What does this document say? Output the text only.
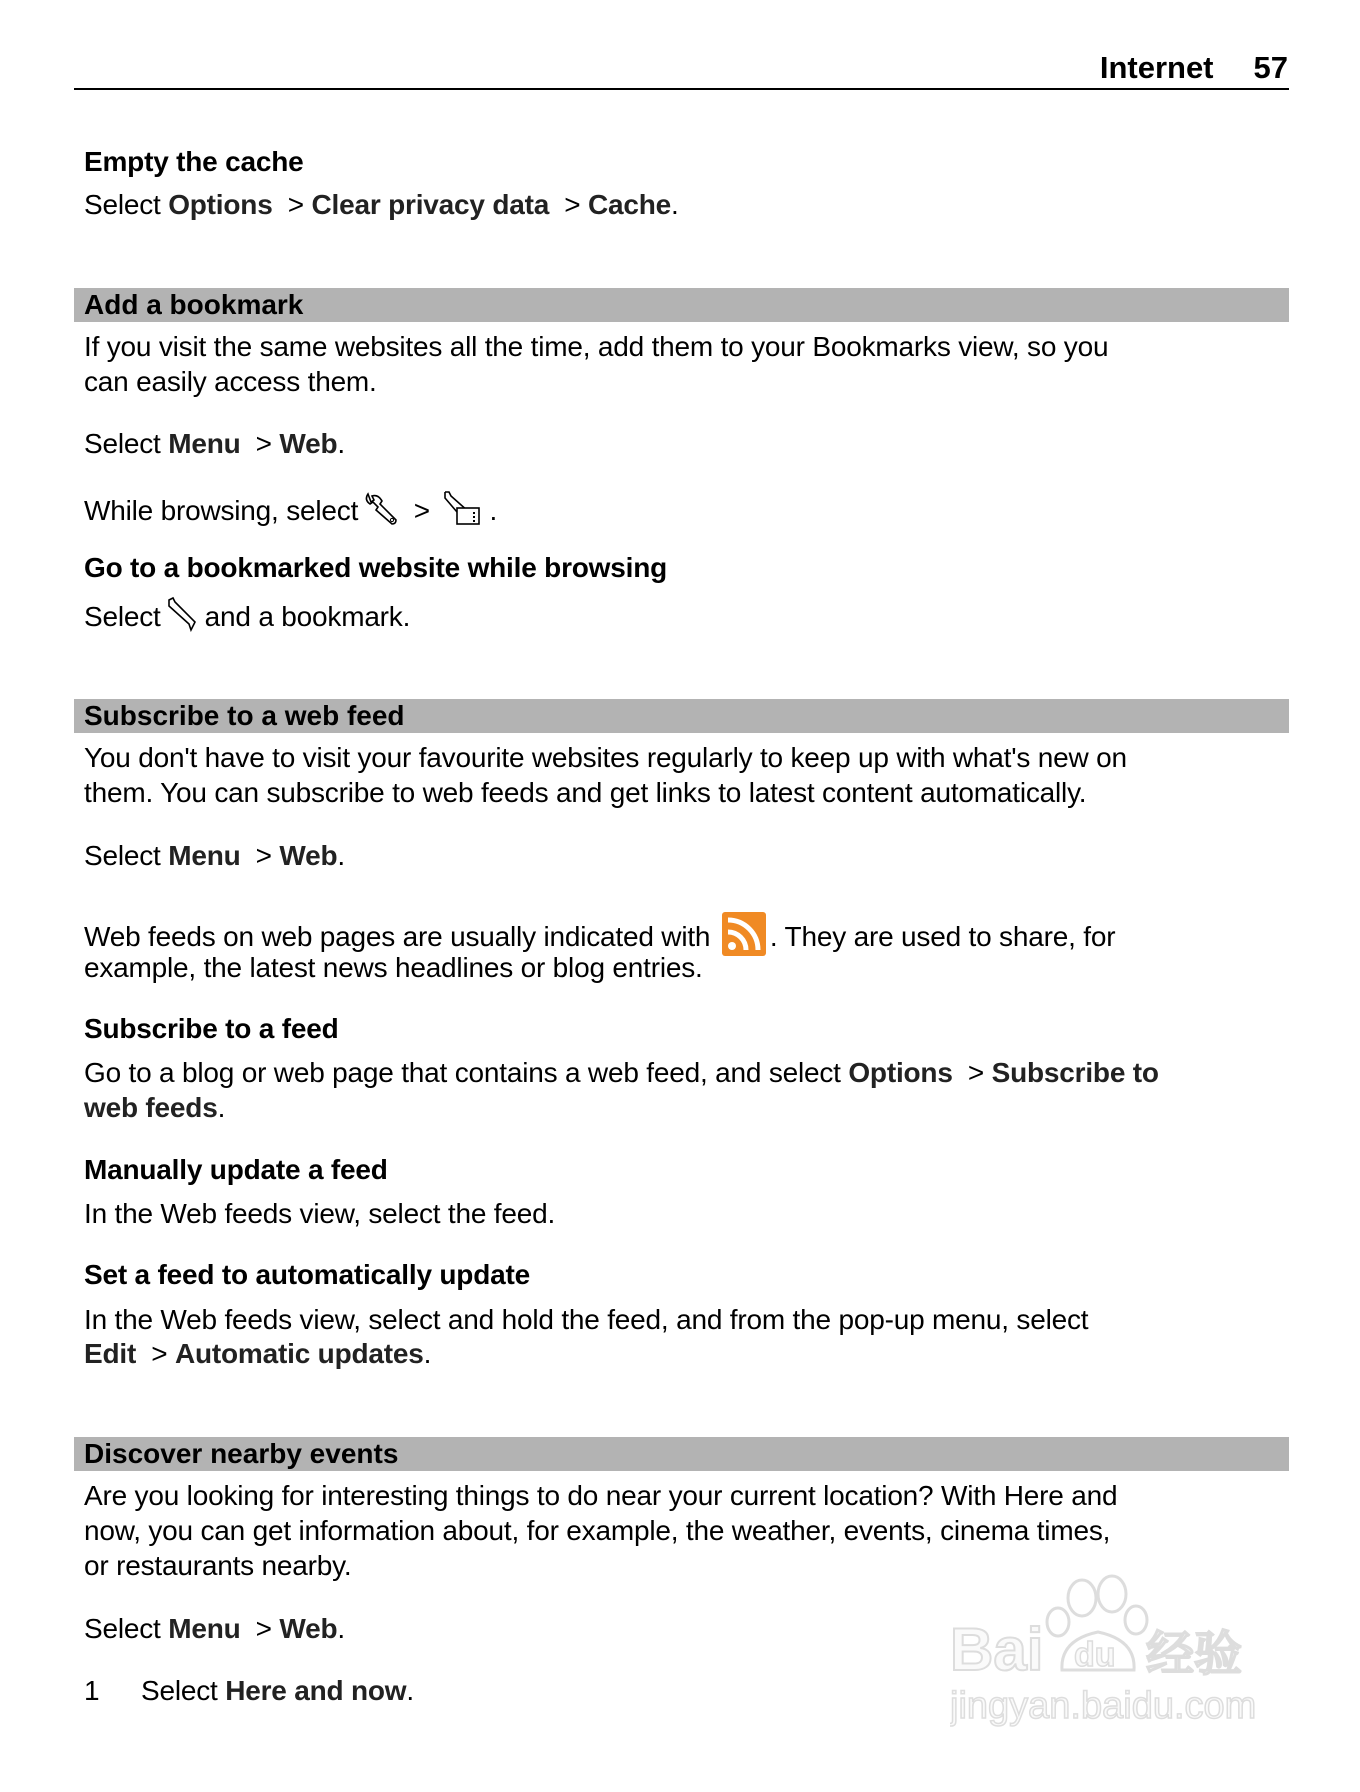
Internet 57
Empty the cache
Select Options  > Clear privacy data  > Cache.
Add a bookmark
If you visit the same websites all the time, add them to your Bookmarks view, so you
can easily access them.
Select Menu  > Web.
While browsing, select > .
Go to a bookmarked website while browsing
Select and a bookmark.
Subscribe to a web feed
You don't have to visit your favourite websites regularly to keep up with what's new on
them. You can subscribe to web feeds and get links to latest content automatically.
Select Menu  > Web.
Web feeds on web pages are usually indicated with . They are used to share, for
example, the latest news headlines or blog entries.
Subscribe to a feed
Go to a blog or web page that contains a web feed, and select Options  > Subscribe to
web feeds.
Manually update a feed
In the Web feeds view, select the feed.
Set a feed to automatically update
In the Web feeds view, select and hold the feed, and from the pop-up menu, select
Edit  > Automatic updates.
Discover nearby events
Are you looking for interesting things to do near your current location? With Here and
now, you can get information about, for example, the weather, events, cinema times,
or restaurants nearby.
Select Menu  > Web.
1 Select Here and now.
Bai du 经验
jingyan.baidu.com
